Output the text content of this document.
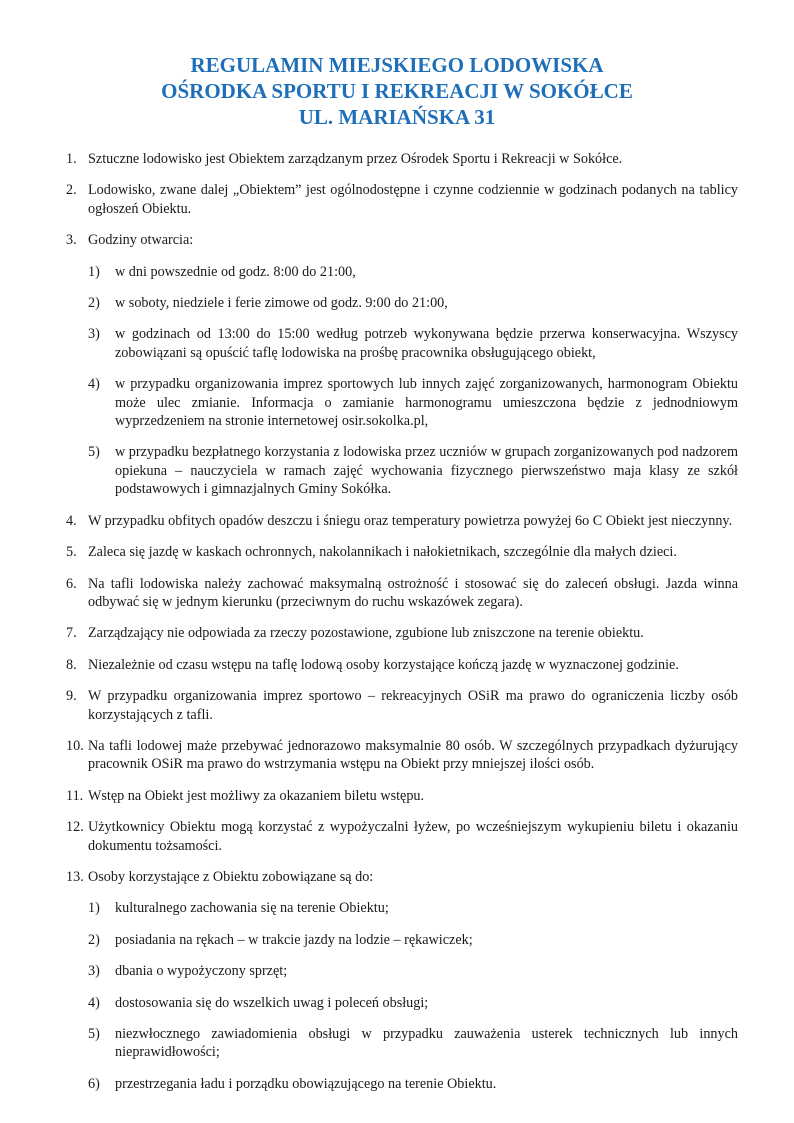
REGULAMIN MIEJSKIEGO LODOWISKA
OŚRODKA SPORTU I REKREACJI W SOKÓŁCE
UL. MARIAŃSKA 31
1. Sztuczne lodowisko jest Obiektem zarządzanym przez Ośrodek Sportu i Rekreacji w Sokółce.
2. Lodowisko, zwane dalej „Obiektem” jest ogólnodostępne i czynne codziennie w godzinach podanych na tablicy ogłoszeń Obiektu.
3. Godziny otwarcia:
1) w dni powszednie od godz. 8:00 do 21:00,
2) w soboty, niedziele i ferie zimowe od godz. 9:00 do 21:00,
3) w godzinach od 13:00 do 15:00 według potrzeb wykonywana będzie przerwa konserwacyjna. Wszyscy zobowiązani są opuścić taflę lodowiska na prośbę pracownika obsługującego obiekt,
4) w przypadku organizowania imprez sportowych lub innych zajęć zorganizowanych, harmonogram Obiektu może ulec zmianie. Informacja o zamianie harmonogramu umieszczona będzie z jednodniowym wyprzedzeniem na stronie internetowej osir.sokolka.pl,
5) w przypadku bezpłatnego korzystania z lodowiska przez uczniów w grupach zorganizowanych pod nadzorem opiekuna – nauczyciela w ramach zajęć wychowania fizycznego pierwszeństwo maja klasy ze szkół podstawowych i gimnazjalnych Gminy Sokółka.
4. W przypadku obfitych opadów deszczu i śniegu oraz temperatury powietrza powyżej 6o C Obiekt jest nieczynny.
5. Zaleca się jazdę w kaskach ochronnych, nakolannikach i nałokietnikach, szczególnie dla małych dzieci.
6. Na tafli lodowiska należy zachować maksymalną ostrożność i stosować się do zaleceń obsługi. Jazda winna odbywać się w jednym kierunku (przeciwnym do ruchu wskazówek zegara).
7. Zarządzający nie odpowiada za rzeczy pozostawione, zgubione lub zniszczone na terenie obiektu.
8. Niezależnie od czasu wstępu na taflę lodową osoby korzystające kończą jazdę w wyznaczonej godzinie.
9. W przypadku organizowania imprez sportowo – rekreacyjnych OSiR ma prawo do ograniczenia liczby osób korzystających z tafli.
10. Na tafli lodowej maże przebywać jednorazowo maksymalnie 80 osób. W szczególnych przypadkach dyżurujący pracownik OSiR ma prawo do wstrzymania wstępu na Obiekt przy mniejszej ilości osób.
11. Wstęp na Obiekt jest możliwy za okazaniem biletu wstępu.
12. Użytkownicy Obiektu mogą korzystać z wypożyczalni łyżew, po wcześniejszym wykupieniu biletu i okazaniu dokumentu tożsamości.
13. Osoby korzystające z Obiektu zobowiązane są do:
1) kulturalnego zachowania się na terenie Obiektu;
2) posiadania na rękach – w trakcie jazdy na lodzie – rękawiczek;
3) dbania o wypożyczony sprzęt;
4) dostosowania się do wszelkich uwag i poleceń obsługi;
5) niezwłocznego zawiadomienia obsługi w przypadku zauważenia usterek technicznych lub innych nieprawidłowości;
6) przestrzegania ładu i porządku obowiązującego na terenie Obiektu.
